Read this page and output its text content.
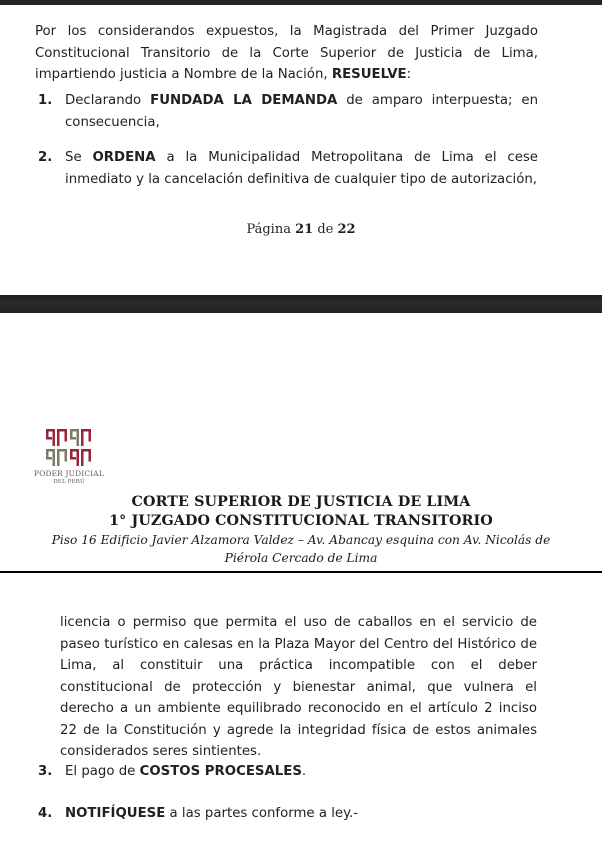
Por los considerandos expuestos, la Magistrada del Primer Juzgado Constitucional Transitorio de la Corte Superior de Justicia de Lima, impartiendo justicia a Nombre de la Nación, RESUELVE:

1. Declarando FUNDADA LA DEMANDA de amparo interpuesta; en consecuencia,
2. Se ORDENA a la Municipalidad Metropolitana de Lima el cese inmediato y la cancelación definitiva de cualquier tipo de autorización,
Página 21 de 22
PODER JUDICIAL
DEL PERÚ
CORTE SUPERIOR DE JUSTICIA DE LIMA
1° JUZGADO CONSTITUCIONAL TRANSITORIO
Piso 16 Edificio Javier Alzamora Valdez – Av. Abancay esquina con Av. Nicolás de
Piérola Cercado de Lima

licencia o permiso que permita el uso de caballos en el servicio de paseo turístico en calesas en la Plaza Mayor del Centro del Histórico de Lima, al constituir una práctica incompatible con el deber constitucional de protección y bienestar animal, que vulnera el derecho a un ambiente equilibrado reconocido en el artículo 2 inciso 22 de la Constitución y agrede la integridad física de estos animales considerados seres sintientes.

3. El pago de COSTOS PROCESALES.
4. NOTIFÍQUESE a las partes conforme a ley.-
